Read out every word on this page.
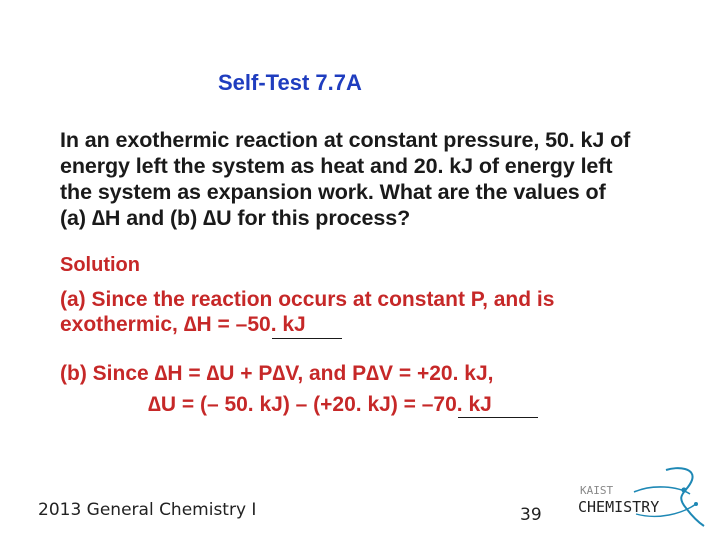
Self-Test 7.7A
In an exothermic reaction at constant pressure, 50. kJ of
energy left the system as heat and 20. kJ of energy left
the system as expansion work. What are the values of
(a) ∆H and (b) ∆U for this process?
Solution
(a) Since the reaction occurs at constant P, and is
exothermic, ∆H = –50. kJ
(b) Since ∆H = ∆U + P∆V, and P∆V = +20. kJ,
∆U = (– 50. kJ) – (+20. kJ) = –70. kJ
2013 General Chemistry I	39
KAIST
CHEMISTRY
